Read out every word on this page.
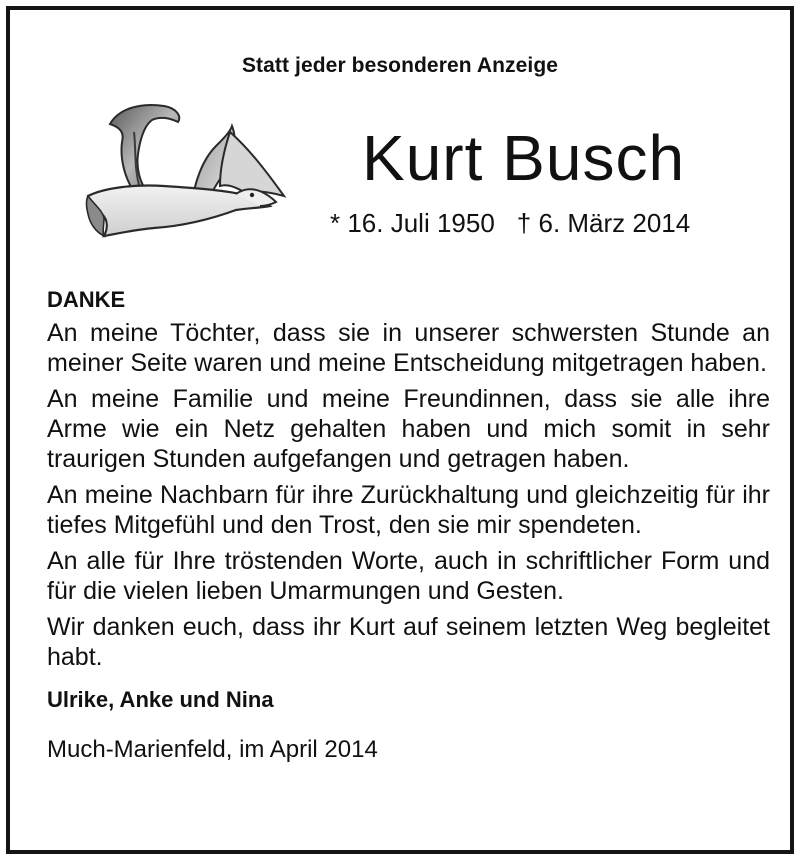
Statt jeder besonderen Anzeige
Kurt Busch
* 16. Juli 1950 † 6. März 2014
DANKE

An meine Töchter, dass sie in unserer schwersten Stunde an meiner Seite waren und meine Entscheidung mitgetragen haben.

An meine Familie und meine Freundinnen, dass sie alle ihre Arme wie ein Netz gehalten haben und mich somit in sehr traurigen Stunden aufgefangen und getragen haben.

An meine Nachbarn für ihre Zurückhaltung und gleichzeitig für ihr tiefes Mitgefühl und den Trost, den sie mir spendeten.

An alle für Ihre tröstenden Worte, auch in schriftlicher Form und für die vielen lieben Umarmungen und Gesten.

Wir danken euch, dass ihr Kurt auf seinem letzten Weg begleitet habt.

Ulrike, Anke und Nina
Much-Marienfeld, im April 2014
